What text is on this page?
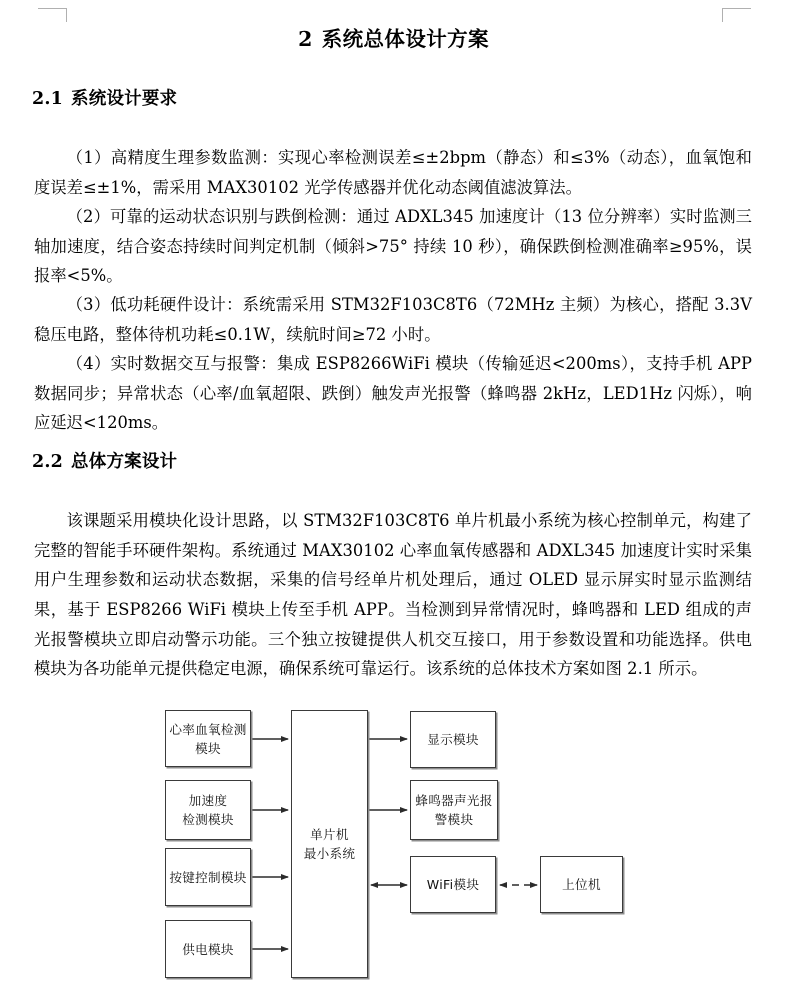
2 系统总体设计方案
2.1 系统设计要求

（1）高精度生理参数监测：实现心率检测误差≤±2bpm（静态）和≤3%（动态），血氧饱和度误差≤±1%，需采用 MAX30102 光学传感器并优化动态阈值滤波算法。

（2）可靠的运动状态识别与跌倒检测：通过 ADXL345 加速度计（13 位分辨率）实时监测三轴加速度，结合姿态持续时间判定机制（倾斜>75° 持续 10 秒），确保跌倒检测准确率≥95%，误报率<5%。

（3）低功耗硬件设计：系统需采用 STM32F103C8T6（72MHz 主频）为核心，搭配 3.3V 稳压电路，整体待机功耗≤0.1W，续航时间≥72 小时。

（4）实时数据交互与报警：集成 ESP8266WiFi 模块（传输延迟<200ms），支持手机 APP 数据同步；异常状态（心率/血氧超限、跌倒）触发声光报警（蜂鸣器 2kHz，LED1Hz 闪烁），响应延迟<120ms。

2.2 总体方案设计

该课题采用模块化设计思路，以 STM32F103C8T6 单片机最小系统为核心控制单元，构建了完整的智能手环硬件架构。系统通过 MAX30102 心率血氧传感器和 ADXL345 加速度计实时采集用户生理参数和运动状态数据，采集的信号经单片机处理后，通过 OLED 显示屏实时显示监测结果，基于 ESP8266 WiFi 模块上传至手机 APP。当检测到异常情况时，蜂鸣器和 LED 组成的声光报警模块立即启动警示功能。三个独立按键提供人机交互接口，用于参数设置和功能选择。供电模块为各功能单元提供稳定电源，确保系统可靠运行。该系统的总体技术方案如图 2.1 所示。

心率血氧检测
模块
加速度
检测模块
按键控制模块
供电模块
单片机
最小系统
显示模块
蜂鸣器声光报
警模块
WiFi模块	上位机
